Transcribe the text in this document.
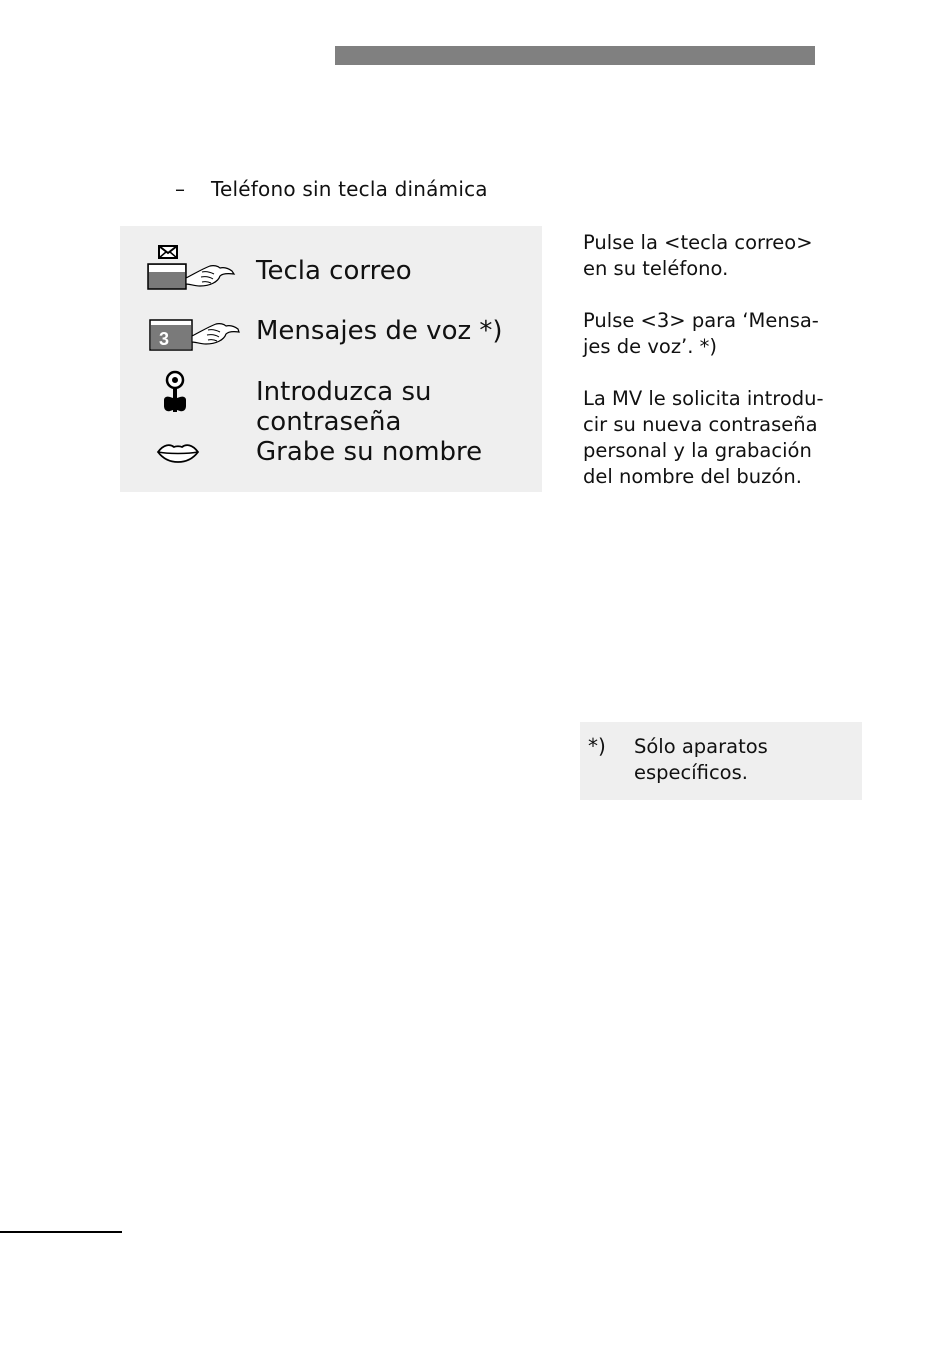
– Teléfono sin tecla dinámica
Tecla correo
3	Mensajes de voz *)
Introduzca su
contraseña
Grabe su nombre
Pulse la <tecla correo>
en su teléfono.
Pulse <3> para ‘Mensa-
jes de voz’. *)
La MV le solicita introdu-
cir su nueva contraseña
personal y la grabación
del nombre del buzón.
*) Sólo aparatos
específicos.
